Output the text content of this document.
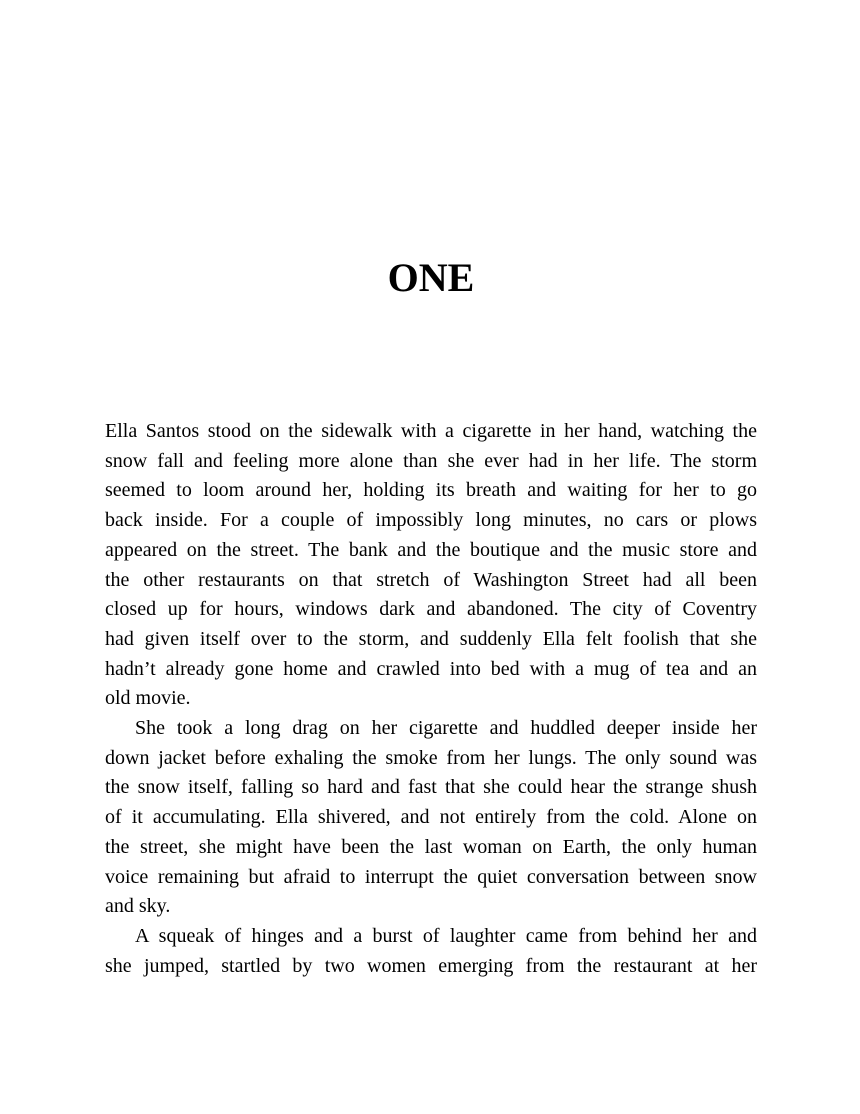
ONE
Ella Santos stood on the sidewalk with a cigarette in her hand, watching the
snow fall and feeling more alone than she ever had in her life. The storm
seemed to loom around her, holding its breath and waiting for her to go
back inside. For a couple of impossibly long minutes, no cars or plows
appeared on the street. The bank and the boutique and the music store and
the other restaurants on that stretch of Washington Street had all been
closed up for hours, windows dark and abandoned. The city of Coventry
had given itself over to the storm, and suddenly Ella felt foolish that she
hadn’t already gone home and crawled into bed with a mug of tea and an
old movie.
She took a long drag on her cigarette and huddled deeper inside her
down jacket before exhaling the smoke from her lungs. The only sound was
the snow itself, falling so hard and fast that she could hear the strange shush
of it accumulating. Ella shivered, and not entirely from the cold. Alone on
the street, she might have been the last woman on Earth, the only human
voice remaining but afraid to interrupt the quiet conversation between snow
and sky.
A squeak of hinges and a burst of laughter came from behind her and
she jumped, startled by two women emerging from the restaurant at her
